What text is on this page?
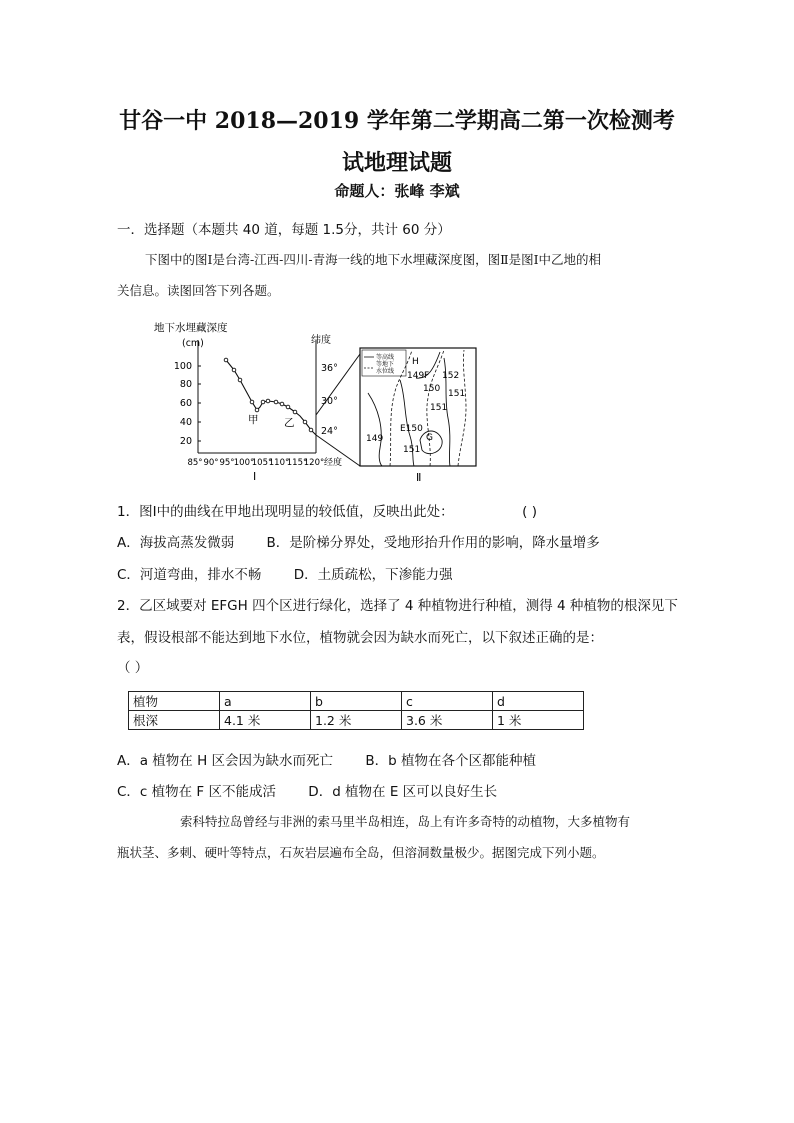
甘谷一中 2018—2019 学年第二学期高二第一次检测考
试地理试题
命题人：张峰 李斌
一．选择题（本题共 40 道，每题 1.5分，共计 60 分）
下图中的图Ⅰ是台湾-江西-四川-青海一线的地下水埋藏深度图，图Ⅱ是图Ⅰ中乙地的相
关信息。读图回答下列各题。
地下水埋藏深度
(cm)	纬度
100
80
60
40
20
85° 90° 95° 100°
105°
110°
115°
120° 经度
36°
30°
24°
甲 乙
Ⅰ
等高线
等地下
水位线
H
149 F 152
150 151
151
E150
G
149
151
Ⅱ
1．图Ⅰ中的曲线在甲地出现明显的较低值，反映出此处：	( )
A．海拔高蒸发微弱 B．是阶梯分界处，受地形抬升作用的影响，降水量增多
C．河道弯曲，排水不畅 D．土质疏松，下渗能力强
2．乙区域要对 EFGH 四个区进行绿化，选择了 4 种植物进行种植，测得 4 种植物的根深见下
表，假设根部不能达到地下水位，植物就会因为缺水而死亡，以下叙述正确的是：
（ ）
植物	a	b	c	d
根深	4.1 米	1.2 米	3.6 米	1 米
A．a 植物在 H 区会因为缺水而死亡 B．b 植物在各个区都能种植
C．c 植物在 F 区不能成活 D．d 植物在 E 区可以良好生长
索科特拉岛曾经与非洲的索马里半岛相连，岛上有许多奇特的动植物，大多植物有
瓶状茎、多刺、硬叶等特点，石灰岩层遍布全岛，但溶洞数量极少。据图完成下列小题。
